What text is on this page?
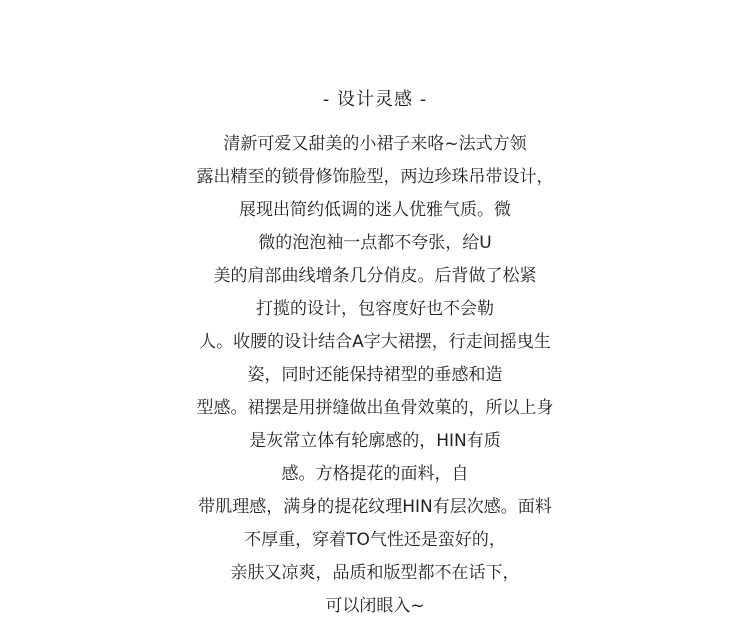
- 设计灵感 -
清新可爱又甜美的小裙子来咯~法式方领
露出精至的锁骨修饰脸型，两边珍珠吊带设计，
展现出简约低调的迷人优雅气质。微
微的泡泡袖一点都不夸张，给U
美的肩部曲线增条几分俏皮。后背做了松紧
打揽的设计，包容度好也不会勒
人。收腰的设计结合A字大裙摆，行走间摇曳生
姿，同时还能保持裙型的垂感和造
型感。裙摆是用拼缝做出鱼骨效菓的，所以上身
是灰常立体有轮廓感的，HIN有质
感。方格提花的面料，自
带肌理感，满身的提花纹理HIN有层次感。面料
不厚重，穿着TO气性还是蛮好的，
亲肤又凉爽，品质和版型都不在话下，
可以闭眼入~
